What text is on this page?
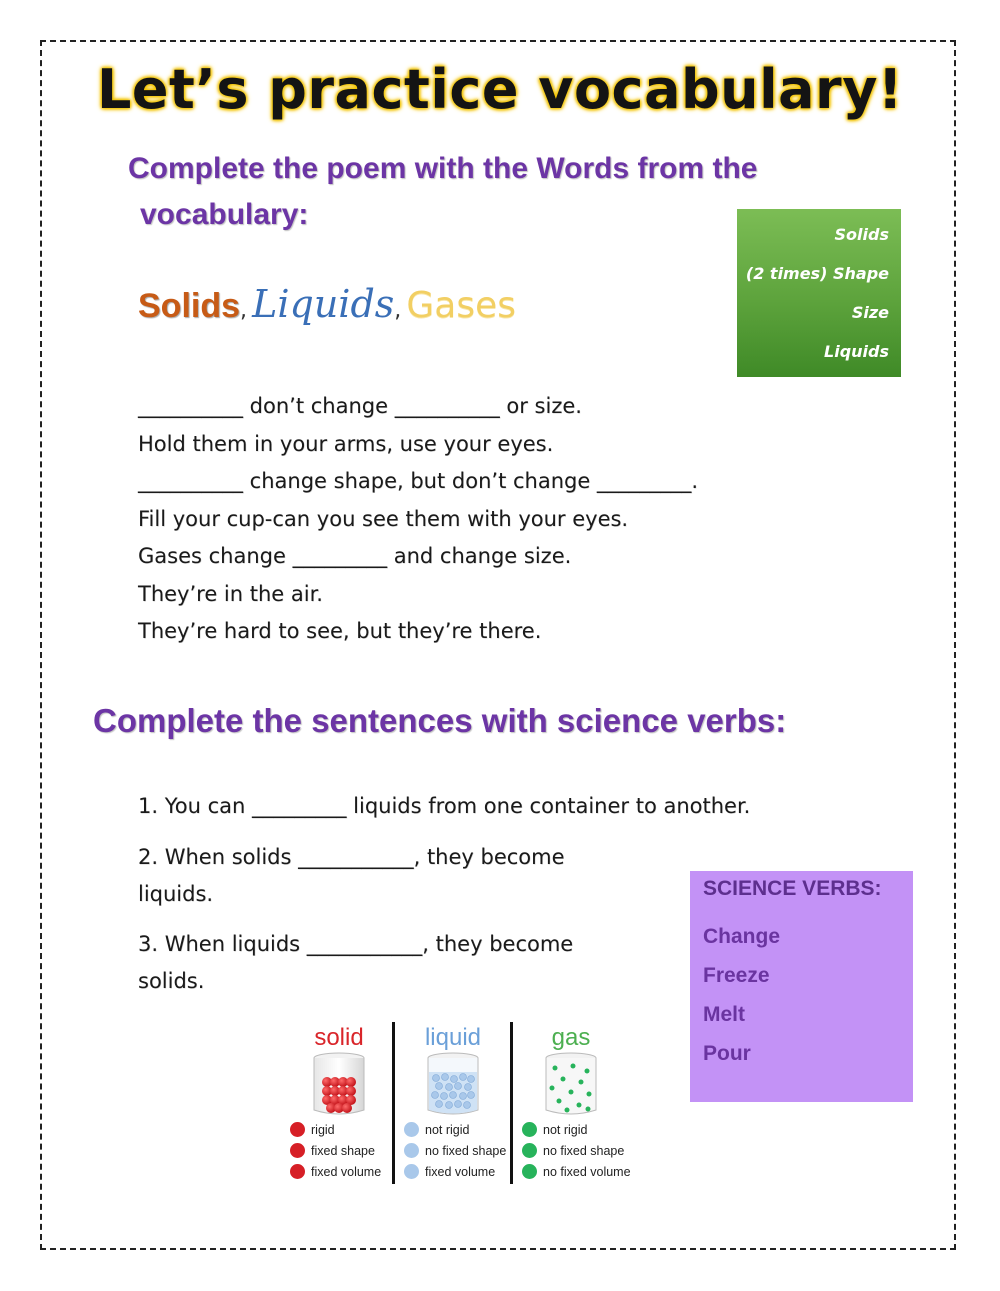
Let’s practice vocabulary!
Complete the poem with the Words from the
vocabulary:
Solids, Liquids, Gases
Solids
(2 times) Shape
Size
Liquids
__________ don’t change __________ or size.
Hold them in your arms, use your eyes.
__________ change shape, but don’t change _________.
Fill your cup-can you see them with your eyes.
Gases change _________ and change size.
They’re in the air.
They’re hard to see, but they’re there.
Complete the sentences with science verbs:
1. You can _________ liquids from one container to another.
2. When solids ___________, they become liquids.
3. When liquids ___________, they become solids.
SCIENCE VERBS:
Change
Freeze
Melt
Pour
solid
rigid
fixed shape
fixed volume
liquid
not rigid
no fixed shape
fixed volume
gas
not rigid
no fixed shape
no fixed volume
